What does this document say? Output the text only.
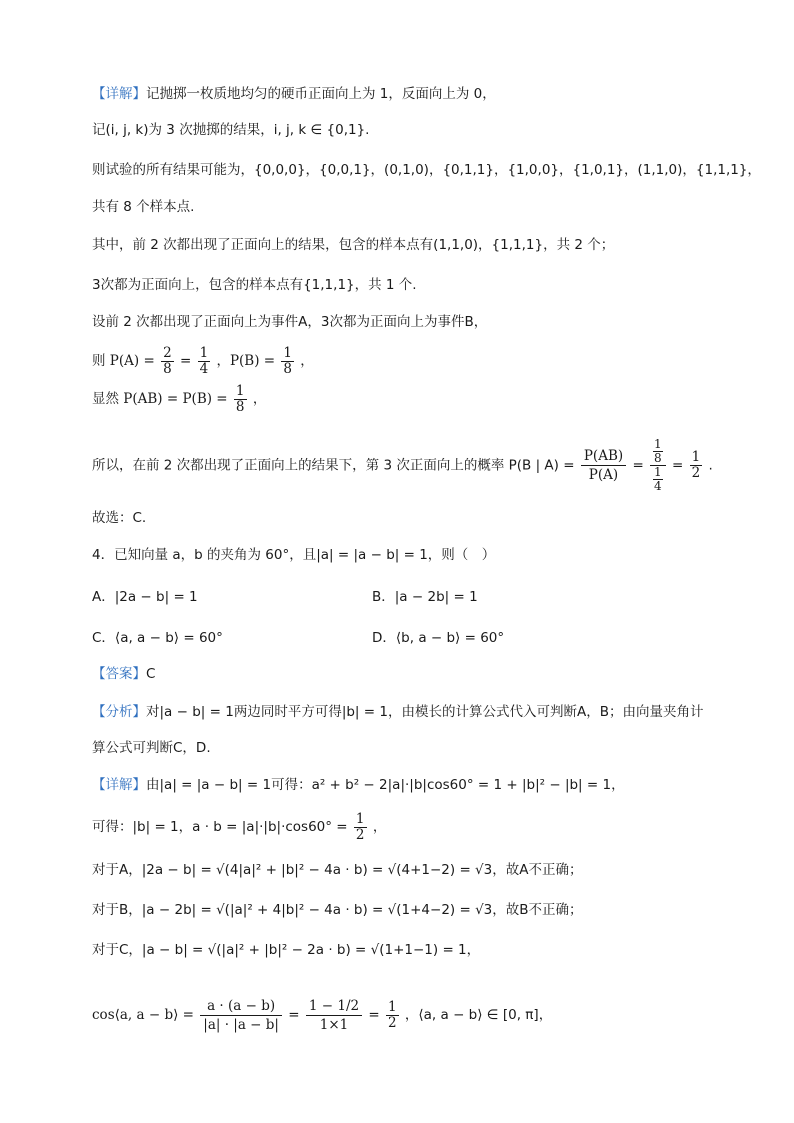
【详解】记抛掷一枚质地均匀的硬币正面向上为 1，反面向上为 0，
记(i, j, k)为 3 次抛掷的结果，i, j, k ∈ {0,1}.
则试验的所有结果可能为，{0,0,0}，{0,0,1}，(0,1,0)，{0,1,1}，{1,0,0}，{1,0,1}，(1,1,0)，{1,1,1}，
共有 8 个样本点.
其中，前 2 次都出现了正面向上的结果，包含的样本点有(1,1,0)，{1,1,1}，共 2 个；
3次都为正面向上，包含的样本点有{1,1,1}，共 1 个.
设前 2 次都出现了正面向上为事件A，3次都为正面向上为事件B，
则 $P(A) = \frac{2}{8} = \frac{1}{4}$ ，$P(B) = \frac{1}{8}$ ，
显然 $P(AB) = P(B) = \frac{1}{8}$ ，
所以，在前 2 次都出现了正面向上的结果下，第 3 次正面向上的概率 P(B | $A) = \frac{P(AB)}{P(A)} = \frac{\frac{1}{8}}{\frac{1}{4}} = \frac{1}{2}$ .
故选：C.
4．已知向量 a，b 的夹角为 60°，且|a| = |a − b| = 1，则（　）
A．|2a − b| = 1	B．|a − 2b| = 1
C．⟨a, a − b⟩ = 60°	D．⟨b, a − b⟩ = 60°
【答案】C
【分析】对|a − b| = 1两边同时平方可得|b| = 1，由模长的计算公式代入可判断A，B；由向量夹角计
算公式可判断C，D.
【详解】由|a| = |a − b| = 1可得：a² + b² − 2|a|·|b|cos60° = 1 + |b|² − |b| = 1，
可得：|b| = 1，$a \cdot b = |a|\cdot|b|\cdot\cos 60^\circ = \frac{1}{2}$ ，
对于A，|2a − b| = √(4|a|² + |b|² − 4a · b) = √(4+1−2) = √3，故A不正确；
对于B，|a − 2b| = √(|a|² + 4|b|² − 4a · b) = √(1+4−2) = √3，故B不正确；
对于C，|a − b| = √(|a|² + |b|² − 2a · b) = √(1+1−1) = 1，
cos⟨a, a − b⟩ = $\frac{a \cdot (a - b)}{|a| \cdot |a - b|} = \frac{1 - 1/2}{1\times 1} = \frac{1}{2}$ ，⟨a, a − b⟩ ∈ [0, π]，
